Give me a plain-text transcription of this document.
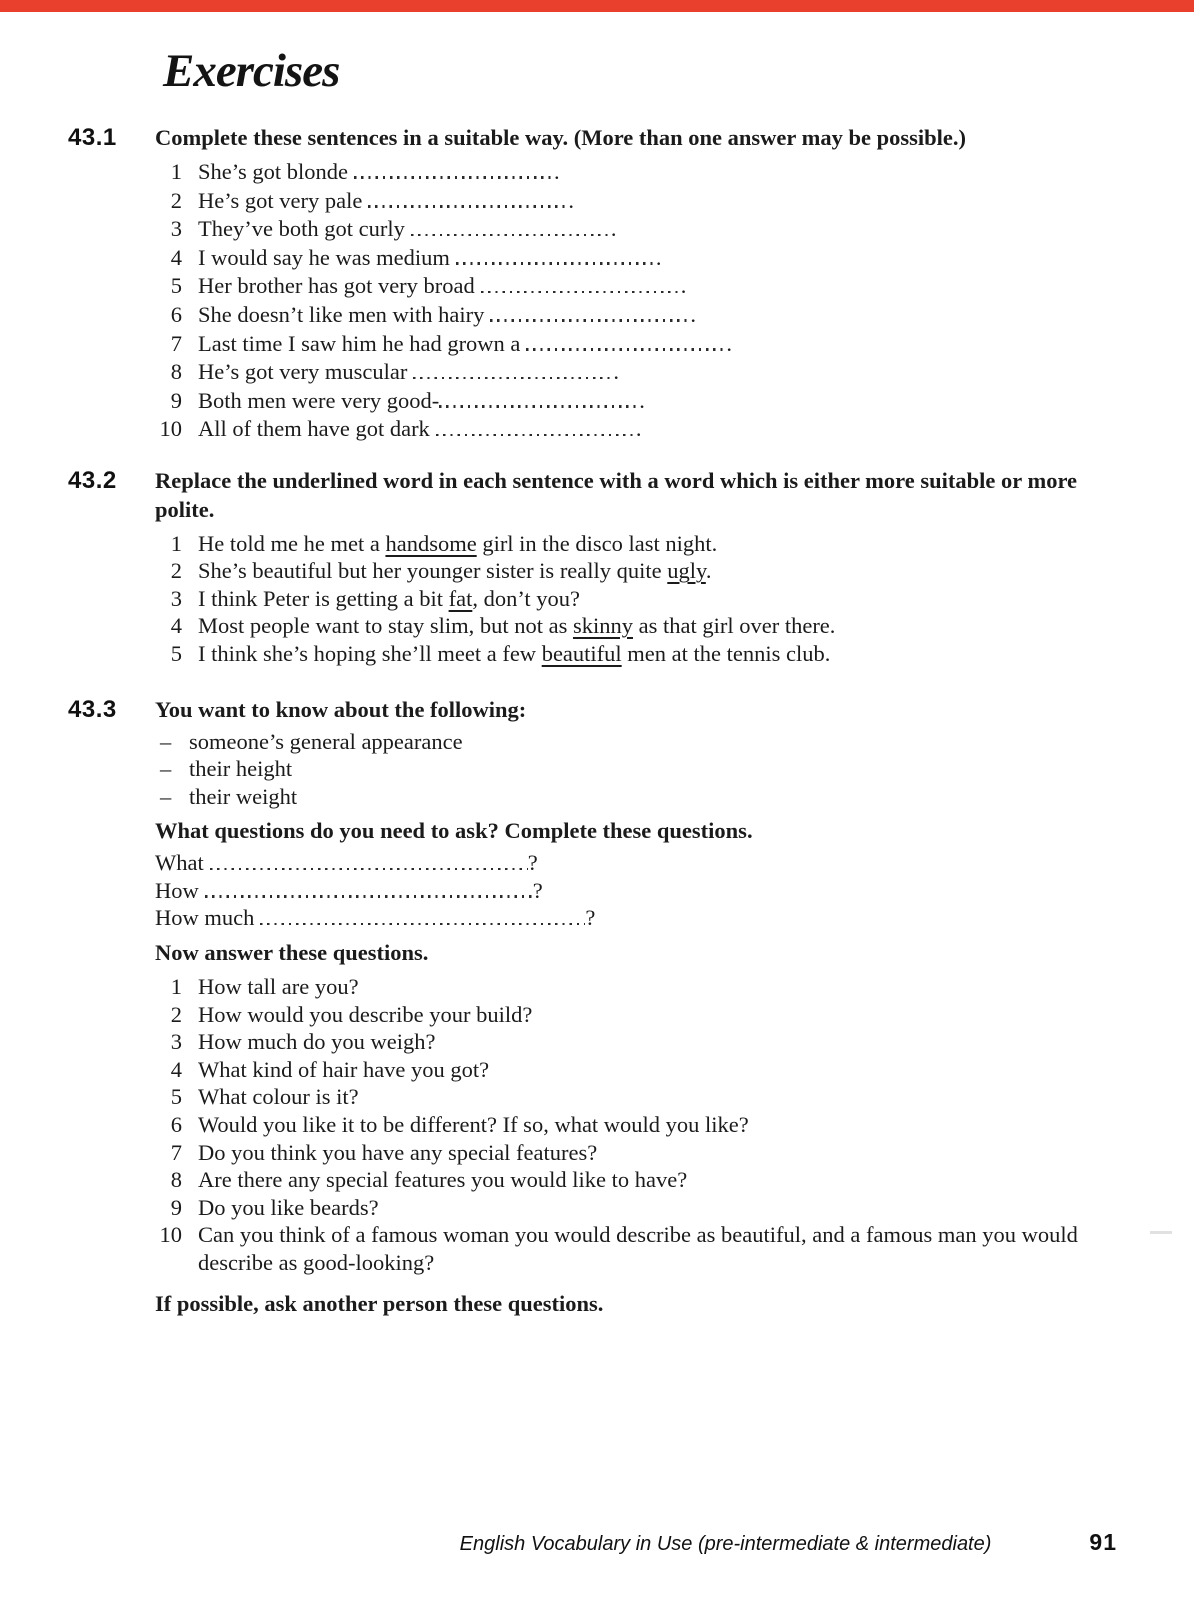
Exercises
43.1	Complete these sentences in a suitable way. (More than one answer may be possible.)

1 She’s got blonde	.
2 He’s got very pale	.
3 They’ve both got curly	.
4 I would say he was medium	.
5 Her brother has got very broad	.
6 She doesn’t like men with hairy	.
7 Last time I saw him he had grown a	.
8 He’s got very muscular	.
9 Both men were very good-	.
10 All of them have got dark	.
43.2	Replace the underlined word in each sentence with a word which is either more suitable or more polite.

1 He told me he met a handsome girl in the disco last night.
2 She’s beautiful but her younger sister is really quite ugly.
3 I think Peter is getting a bit fat, don’t you?
4 Most people want to stay slim, but not as skinny as that girl over there.
5 I think she’s hoping she’ll meet a few beautiful men at the tennis club.
43.3	You want to know about the following:

– someone’s general appearance
– their height
– their weight

What questions do you need to ask? Complete these questions.

What	?
How	?
How much	?

Now answer these questions.

1 How tall are you?
2 How would you describe your build?
3 How much do you weigh?
4 What kind of hair have you got?
5 What colour is it?
6 Would you like it to be different? If so, what would you like?
7 Do you think you have any special features?
8 Are there any special features you would like to have?
9 Do you like beards?
10 Can you think of a famous woman you would describe as beautiful, and a famous man you would describe as good-looking?

If possible, ask another person these questions.

English Vocabulary in Use (pre-intermediate & intermediate)	91
